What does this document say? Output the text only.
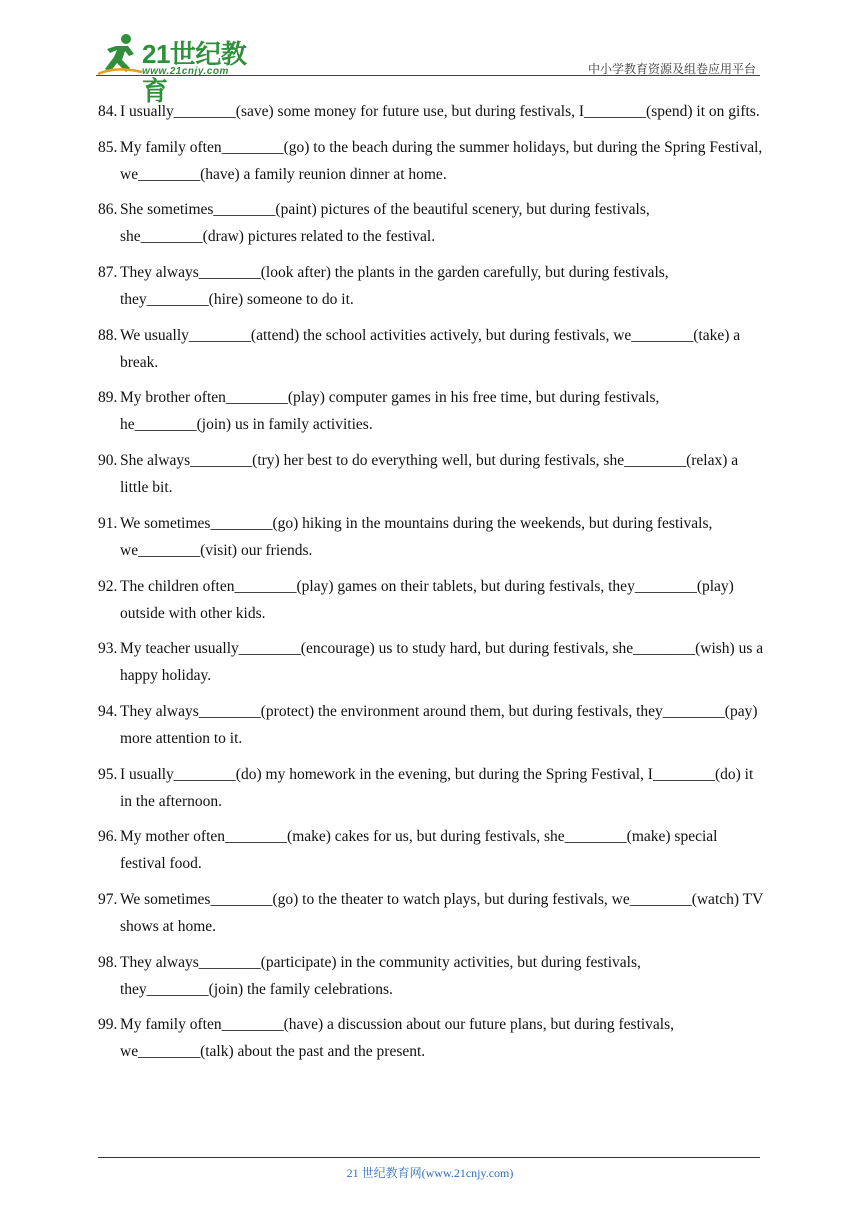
21世纪教育
www.21cnjy.com	中小学教育资源及组卷应用平台
84. I usually________(save) some money for future use, but during festivals, I________(spend) it on gifts.
85. My family often________(go) to the beach during the summer holidays, but during the Spring Festival, we________(have) a family reunion dinner at home.
86. She sometimes________(paint) pictures of the beautiful scenery, but during festivals, she________(draw) pictures related to the festival.
87. They always________(look after) the plants in the garden carefully, but during festivals, they________(hire) someone to do it.
88. We usually________(attend) the school activities actively, but during festivals, we________(take) a break.
89. My brother often________(play) computer games in his free time, but during festivals, he________(join) us in family activities.
90. She always________(try) her best to do everything well, but during festivals, she________(relax) a little bit.
91. We sometimes________(go) hiking in the mountains during the weekends, but during festivals, we________(visit) our friends.
92. The children often________(play) games on their tablets, but during festivals, they________(play) outside with other kids.
93. My teacher usually________(encourage) us to study hard, but during festivals, she________(wish) us a happy holiday.
94. They always________(protect) the environment around them, but during festivals, they________(pay) more attention to it.
95. I usually________(do) my homework in the evening, but during the Spring Festival, I________(do) it in the afternoon.
96. My mother often________(make) cakes for us, but during festivals, she________(make) special festival food.
97. We sometimes________(go) to the theater to watch plays, but during festivals, we________(watch) TV shows at home.
98. They always________(participate) in the community activities, but during festivals, they________(join) the family celebrations.
99. My family often________(have) a discussion about our future plans, but during festivals, we________(talk) about the past and the present.
21 世纪教育网(www.21cnjy.com)
